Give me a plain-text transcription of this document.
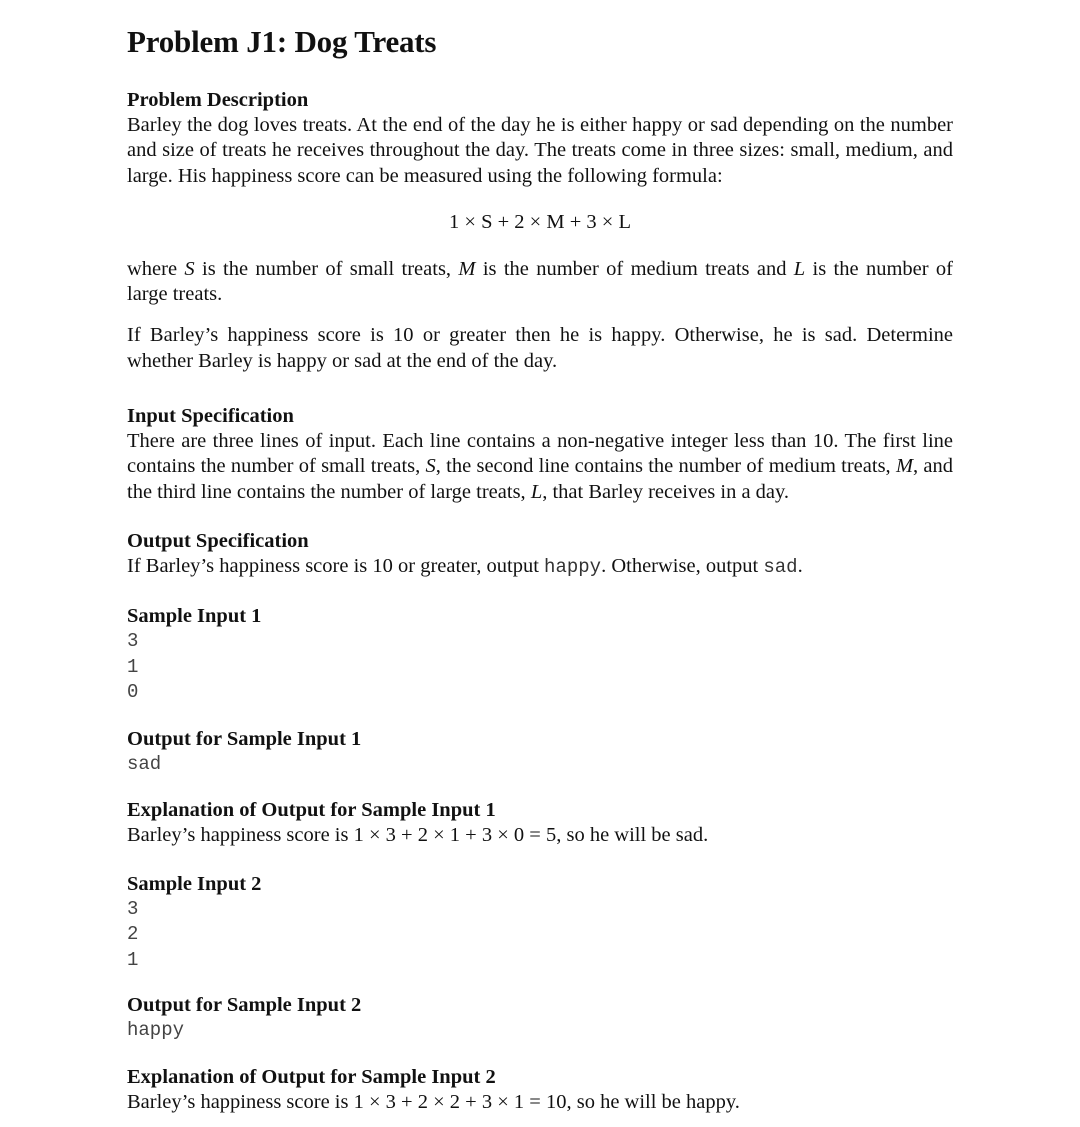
Problem J1: Dog Treats
Problem Description

Barley the dog loves treats. At the end of the day he is either happy or sad depending on the number and size of treats he receives throughout the day. The treats come in three sizes: small, medium, and large. His happiness score can be measured using the following formula:

1 × S + 2 × M + 3 × L

where S is the number of small treats, M is the number of medium treats and L is the number of large treats.

If Barley’s happiness score is 10 or greater then he is happy. Otherwise, he is sad. Determine whether Barley is happy or sad at the end of the day.

Input Specification

There are three lines of input. Each line contains a non-negative integer less than 10. The first line contains the number of small treats, S, the second line contains the number of medium treats, M, and the third line contains the number of large treats, L, that Barley receives in a day.

Output Specification

If Barley’s happiness score is 10 or greater, output happy. Otherwise, output sad.

Sample Input 1
3
1
0
Output for Sample Input 1
sad
Explanation of Output for Sample Input 1

Barley’s happiness score is 1 × 3 + 2 × 1 + 3 × 0 = 5, so he will be sad.

Sample Input 2
3
2
1
Output for Sample Input 2
happy
Explanation of Output for Sample Input 2

Barley’s happiness score is 1 × 3 + 2 × 2 + 3 × 1 = 10, so he will be happy.
